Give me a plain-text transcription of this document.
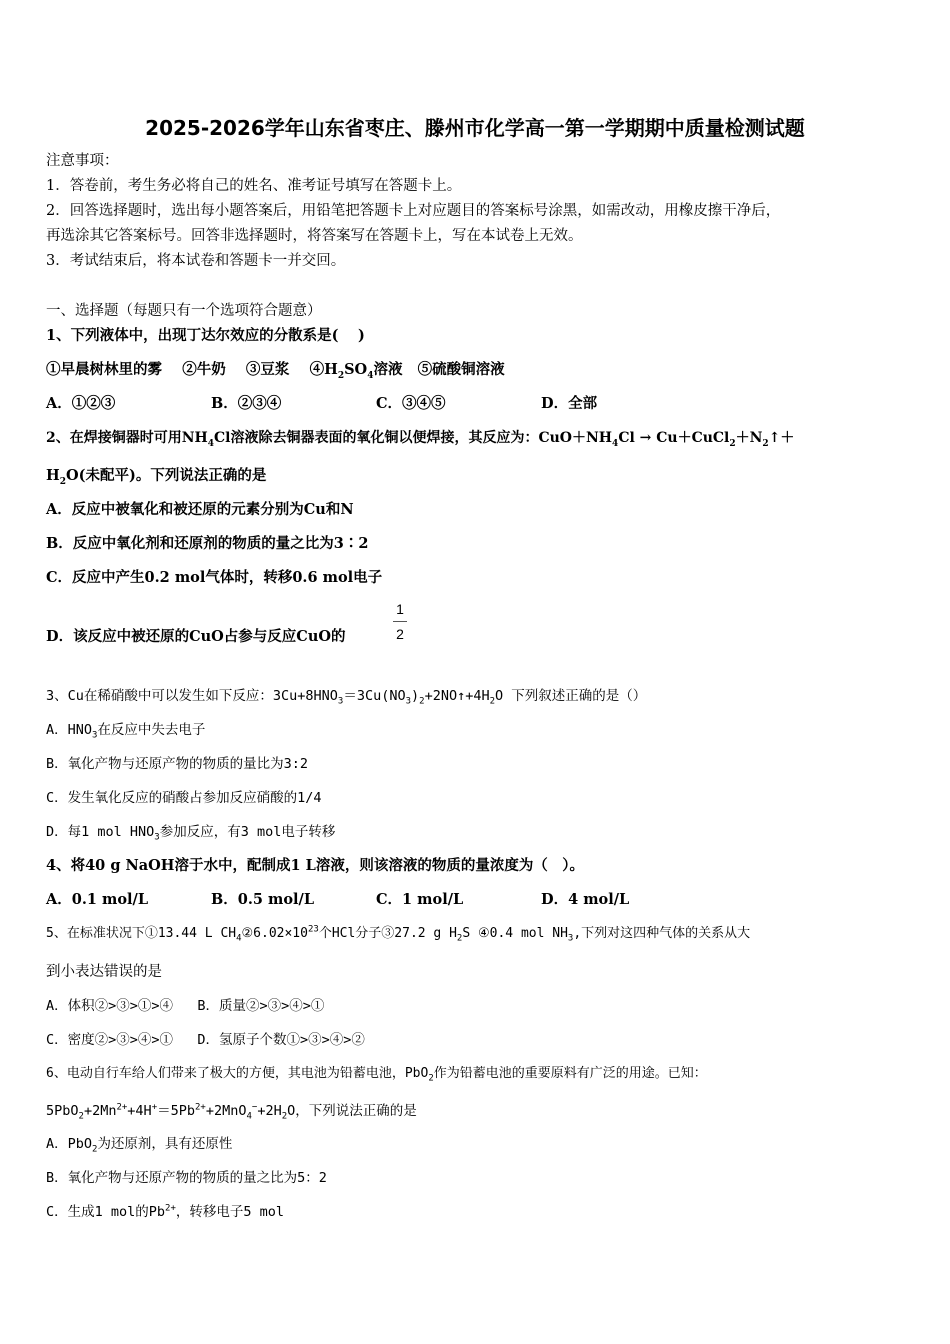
2025-2026学年山东省枣庄、滕州市化学高一第一学期期中质量检测试题
注意事项：
1．答卷前，考生务必将自己的姓名、准考证号填写在答题卡上。
2．回答选择题时，选出每小题答案后，用铅笔把答题卡上对应题目的答案标号涂黑，如需改动，用橡皮擦干净后，
再选涂其它答案标号。回答非选择题时，将答案写在答题卡上，写在本试卷上无效。
3．考试结束后，将本试卷和答题卡一并交回。
一、选择题（每题只有一个选项符合题意）
1、下列液体中，出现丁达尔效应的分散系是(　 )
①早晨树林里的雾 ②牛奶 ③豆浆 $④H_2SO_4$溶液 ⑤硫酸铜溶液
A．①②③	B．②③④	C．③④⑤	D．全部
2、在焊接铜器时可用$NH_4Cl$溶液除去铜器表面的氧化铜以便焊接，其反应为：$CuO+NH_4Cl$ → $Cu+CuCl_2+N_2↑+$
$H_2O$(未配平)。下列说法正确的是
A．反应中被氧化和被还原的元素分别为Cu和N
B．反应中氧化剂和还原剂的物质的量之比为3∶2
C．反应中产生0.2 mol气体时，转移0.6 mol电子
D．该反应中被还原的CuO占参与反应CuO的
1
2
3、Cu在稀硝酸中可以发生如下反应：$3Cu+8HNO_3=3Cu(NO_3)_2+2NO↑+4H_2O$ 下列叙述正确的是（）
A．$HNO_3$在反应中失去电子
B．氧化产物与还原产物的物质的量比为3:2
C．发生氧化反应的硝酸占参加反应硝酸的1/4
D．每1 mol $HNO_3$参加反应，有3 mol电子转移
4、将40 g NaOH溶于水中，配制成1 L溶液，则该溶液的物质的量浓度为（　）。
A．0.1 mol/L	B．0.5 mol/L	C．1 mol/L	D．4 mol/L
5、在标准状况下①13.44 L $CH_4②6.02\times 10^{23}$个HCl分子③27.2 g $H_2S$ ④0.4 mol $NH_3$,下列对这四种气体的关系从大
到小表达错误的是
A．体积②>③>①>④ B．质量②>③>④>①
C．密度②>③>④>① D．氢原子个数①>③>④>②
6、电动自行车给人们带来了极大的方便，其电池为铅蓄电池，PbO$_2$作为铅蓄电池的重要原料有广泛的用途。已知：
$5PbO_2+2Mn^{2+}+4H^+=5Pb^{2+}+2MnO_4^-+2H_2O$，下列说法正确的是
A．PbO$_2$为还原剂，具有还原性
B．氧化产物与还原产物的物质的量之比为5：2
C．生成1 mol的$Pb^{2+}$，转移电子5 mol
